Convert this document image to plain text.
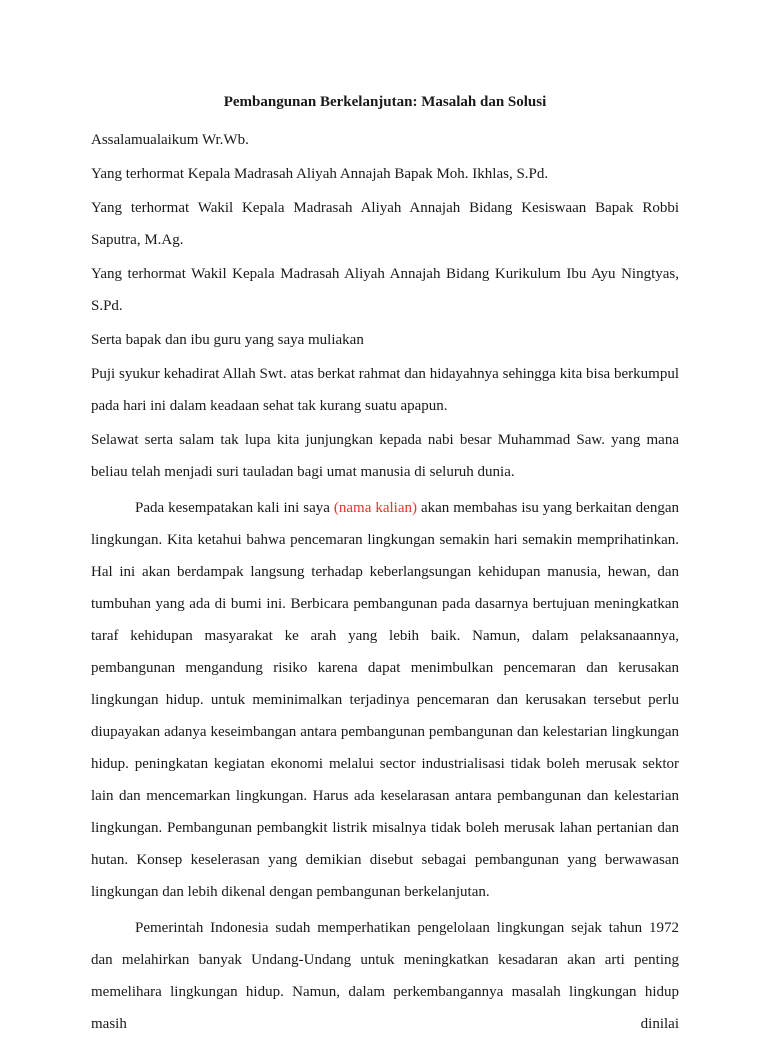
Pembangunan Berkelanjutan: Masalah dan Solusi

Assalamualaikum Wr.Wb.

Yang terhormat Kepala Madrasah Aliyah Annajah Bapak Moh. Ikhlas, S.Pd.

Yang terhormat Wakil Kepala Madrasah Aliyah Annajah Bidang Kesiswaan Bapak Robbi Saputra, M.Ag.

Yang terhormat Wakil Kepala Madrasah Aliyah Annajah Bidang Kurikulum Ibu Ayu Ningtyas, S.Pd.

Serta bapak dan ibu guru yang saya muliakan

Puji syukur kehadirat Allah Swt. atas berkat rahmat dan hidayahnya sehingga kita bisa berkumpul pada hari ini dalam keadaan sehat tak kurang suatu apapun.

Selawat serta salam tak lupa kita junjungkan kepada nabi besar Muhammad Saw. yang mana beliau telah menjadi suri tauladan bagi umat manusia di seluruh dunia.

Pada kesempatakan kali ini saya (nama kalian) akan membahas isu yang berkaitan dengan lingkungan. Kita ketahui bahwa pencemaran lingkungan semakin hari semakin memprihatinkan. Hal ini akan berdampak langsung terhadap keberlangsungan kehidupan manusia, hewan, dan tumbuhan yang ada di bumi ini. Berbicara pembangunan pada dasarnya bertujuan meningkatkan taraf kehidupan masyarakat ke arah yang lebih baik. Namun, dalam pelaksanaannya, pembangunan mengandung risiko karena dapat menimbulkan pencemaran dan kerusakan lingkungan hidup. untuk meminimalkan terjadinya pencemaran dan kerusakan tersebut perlu diupayakan adanya keseimbangan antara pembangunan pembangunan dan kelestarian lingkungan hidup. peningkatan kegiatan ekonomi melalui sector industrialisasi tidak boleh merusak sektor lain dan mencemarkan lingkungan. Harus ada keselarasan antara pembangunan dan kelestarian lingkungan. Pembangunan pembangkit listrik misalnya tidak boleh merusak lahan pertanian dan hutan. Konsep keselerasan yang demikian disebut sebagai pembangunan yang berwawasan lingkungan dan lebih dikenal dengan pembangunan berkelanjutan.

Pemerintah Indonesia sudah memperhatikan pengelolaan lingkungan sejak tahun 1972 dan melahirkan banyak Undang-Undang untuk meningkatkan kesadaran akan arti penting memelihara lingkungan hidup. Namun, dalam perkembangannya masalah lingkungan hidup masih dinilai
